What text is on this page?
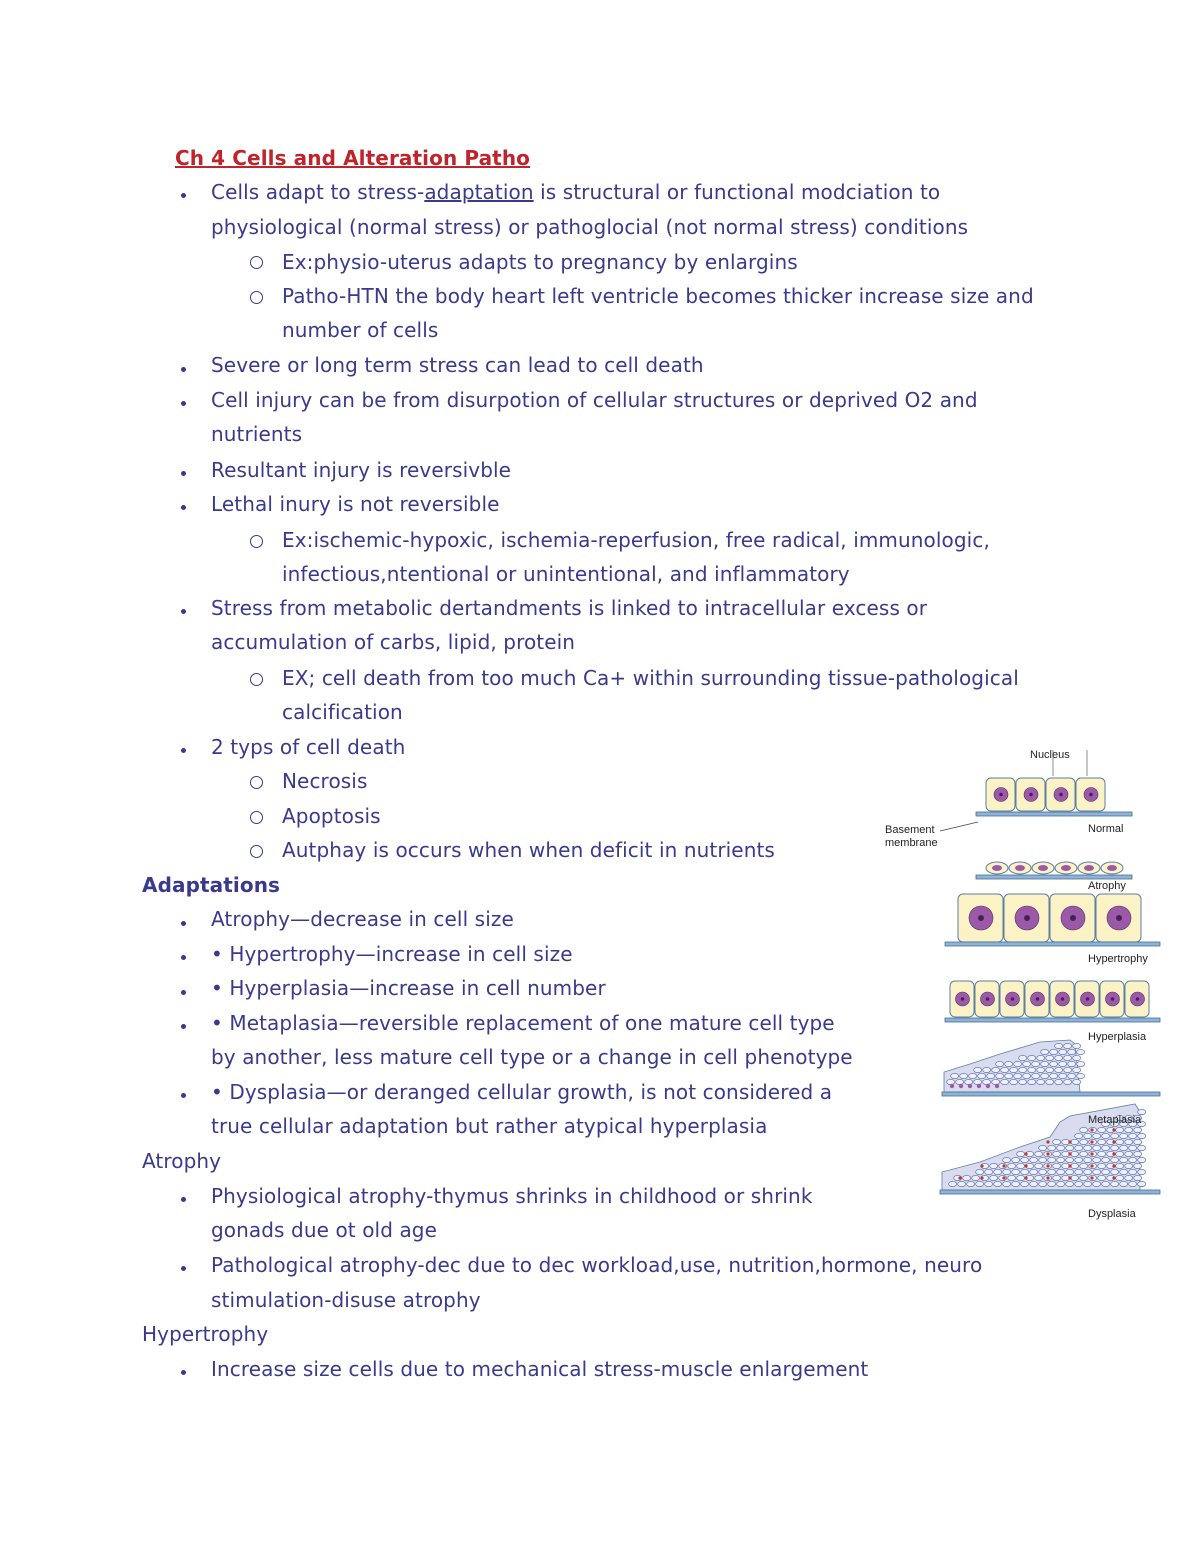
Ch 4 Cells and Alteration Patho
Cells adapt to stress-adaptation is structural or functional modciation to
physiological (normal stress) or pathoglocial (not normal stress) conditions
Ex:physio-uterus adapts to pregnancy by enlargins
Patho-HTN the body heart left ventricle becomes thicker increase size and
number of cells
Severe or long term stress can lead to cell death
Cell injury can be from disurpotion of cellular structures or deprived O2 and
nutrients
Resultant injury is reversivble
Lethal inury is not reversible
Ex:ischemic-hypoxic, ischemia-reperfusion, free radical, immunologic,
infectious,ntentional or unintentional, and inflammatory
Stress from metabolic dertandments is linked to intracellular excess or
accumulation of carbs, lipid, protein
EX; cell death from too much Ca+ within surrounding tissue-pathological
calcification
2 typs of cell death
Necrosis
Apoptosis
Autphay is occurs when when deficit in nutrients
Adaptations
Atrophy—decrease in cell size
• Hypertrophy—increase in cell size
• Hyperplasia—increase in cell number
• Metaplasia—reversible replacement of one mature cell type
by another, less mature cell type or a change in cell phenotype
• Dysplasia—or deranged cellular growth, is not considered a
true cellular adaptation but rather atypical hyperplasia
Atrophy
Physiological atrophy-thymus shrinks in childhood or shrink
gonads due ot old age
Pathological atrophy-dec due to dec workload,use, nutrition,hormone, neuro
stimulation-disuse atrophy
Hypertrophy
Increase size cells due to mechanical stress-muscle enlargement
Nucleus
Basement
membrane
Normal
Atrophy
Hypertrophy
Hyperplasia
Metaplasia
Dysplasia
